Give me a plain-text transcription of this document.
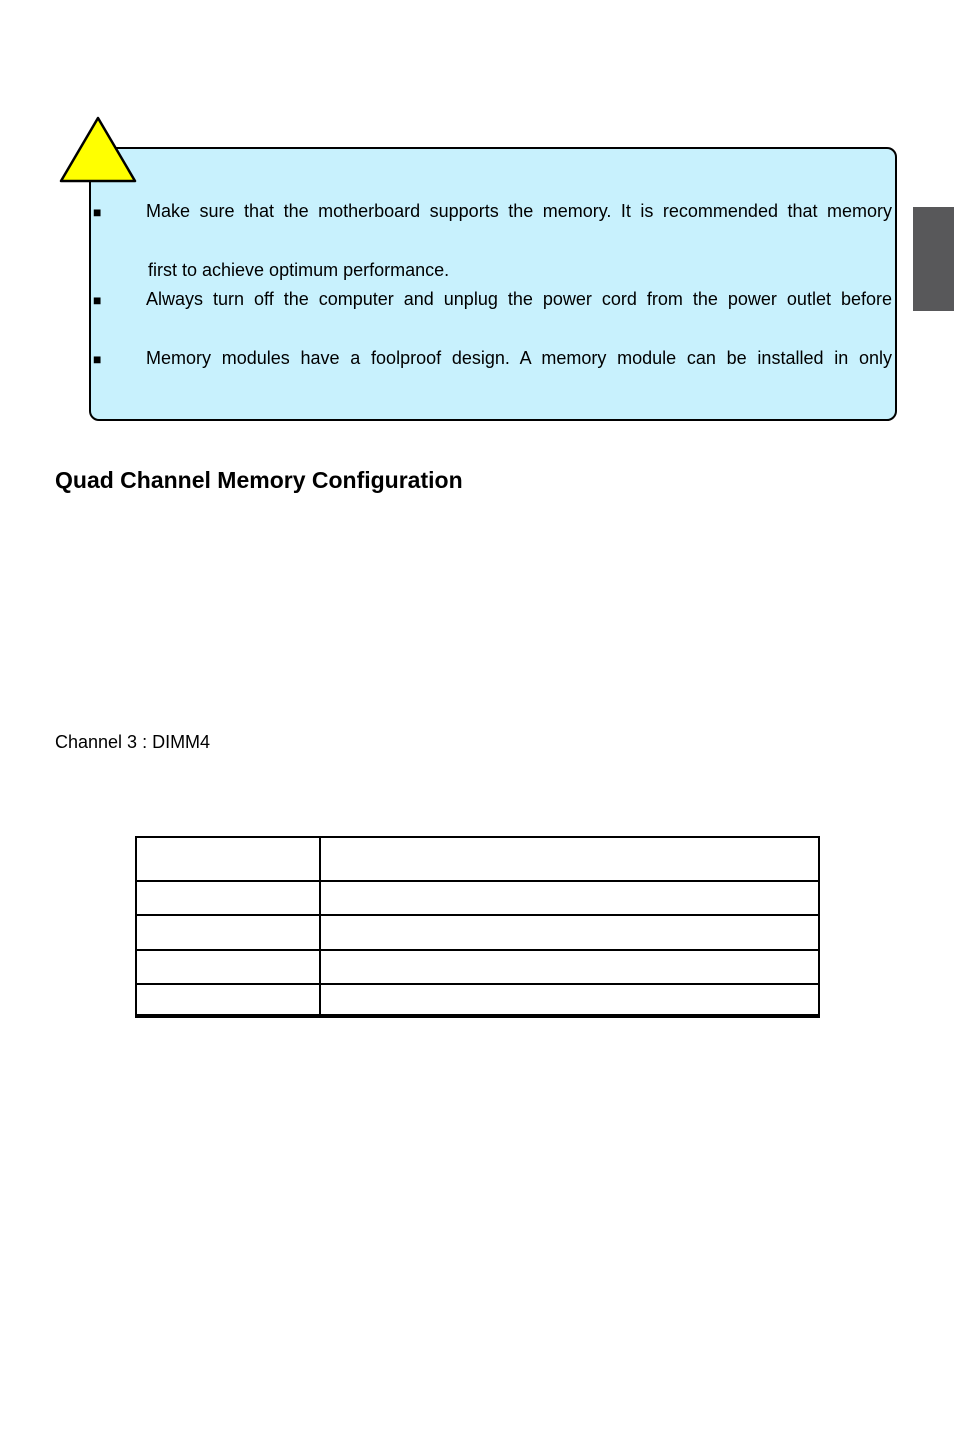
■ Make sure that the motherboard supports the memory. It is recommended that memory
first to achieve optimum performance.
■ Always turn off the computer and unplug the power cord from the power outlet before
■ Memory modules have a foolproof design. A memory module can be installed in only
Quad Channel Memory Configuration
Channel 3 : DIMM4
